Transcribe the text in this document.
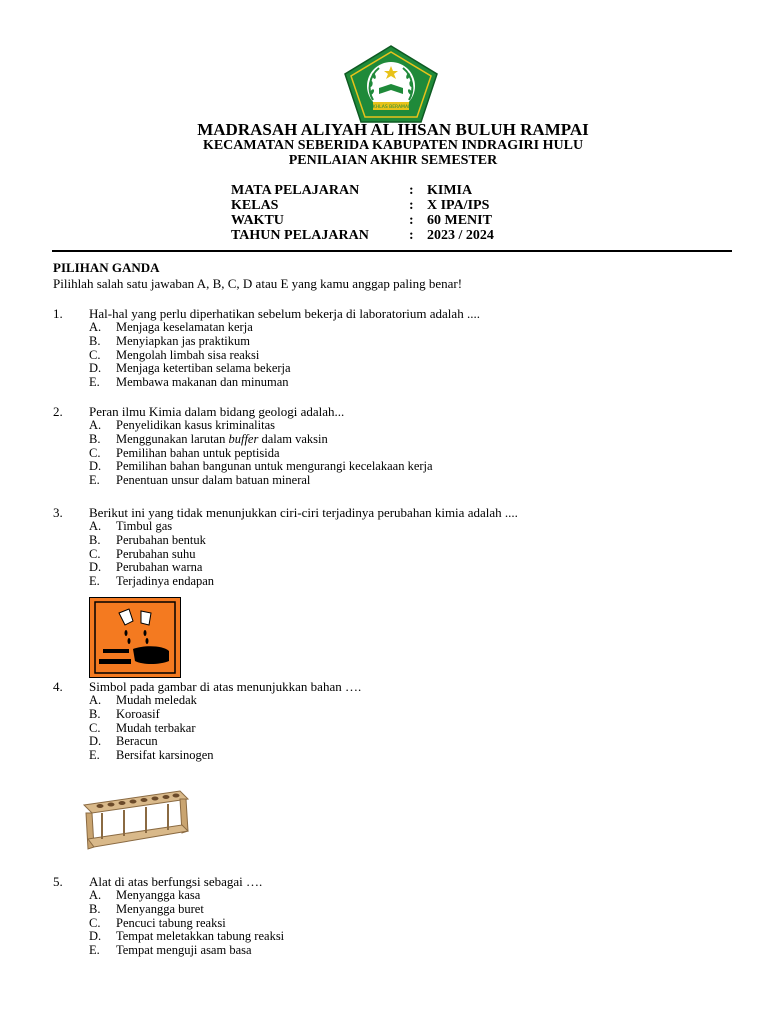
IKHLAS BERAMAL
MADRASAH ALIYAH AL IHSAN BULUH RAMPAI
KECAMATAN SEBERIDA KABUPATEN INDRAGIRI HULU
PENILAIAN AKHIR SEMESTER
MATA PELAJARAN	: KIMIA
KELAS	: X IPA/IPS
WAKTU	: 60 MENIT
TAHUN PELAJARAN	: 2023 / 2024
PILIHAN GANDA
Pilihlah salah satu jawaban A, B, C, D atau E yang kamu anggap paling benar!
1. Hal-hal yang perlu diperhatikan sebelum bekerja di laboratorium adalah ....
A. Menjaga keselamatan kerja
B. Menyiapkan jas praktikum
C. Mengolah limbah sisa reaksi
D. Menjaga ketertiban selama bekerja
E. Membawa makanan dan minuman
2. Peran ilmu Kimia dalam bidang geologi adalah...
A. Penyelidikan kasus kriminalitas
B. Menggunakan larutan buffer dalam vaksin
C. Pemilihan bahan untuk peptisida
D. Pemilihan bahan bangunan untuk mengurangi kecelakaan kerja
E. Penentuan unsur dalam batuan mineral
3. Berikut ini yang tidak menunjukkan ciri-ciri terjadinya perubahan kimia adalah ....
A. Timbul gas
B. Perubahan bentuk
C. Perubahan suhu
D. Perubahan warna
E. Terjadinya endapan
4. Simbol pada gambar di atas menunjukkan bahan ….
A. Mudah meledak
B. Koroasif
C. Mudah terbakar
D. Beracun
E. Bersifat karsinogen
5. Alat di atas berfungsi sebagai ….
A. Menyangga kasa
B. Menyangga buret
C. Pencuci tabung reaksi
D. Tempat meletakkan tabung reaksi
E. Tempat menguji asam basa
